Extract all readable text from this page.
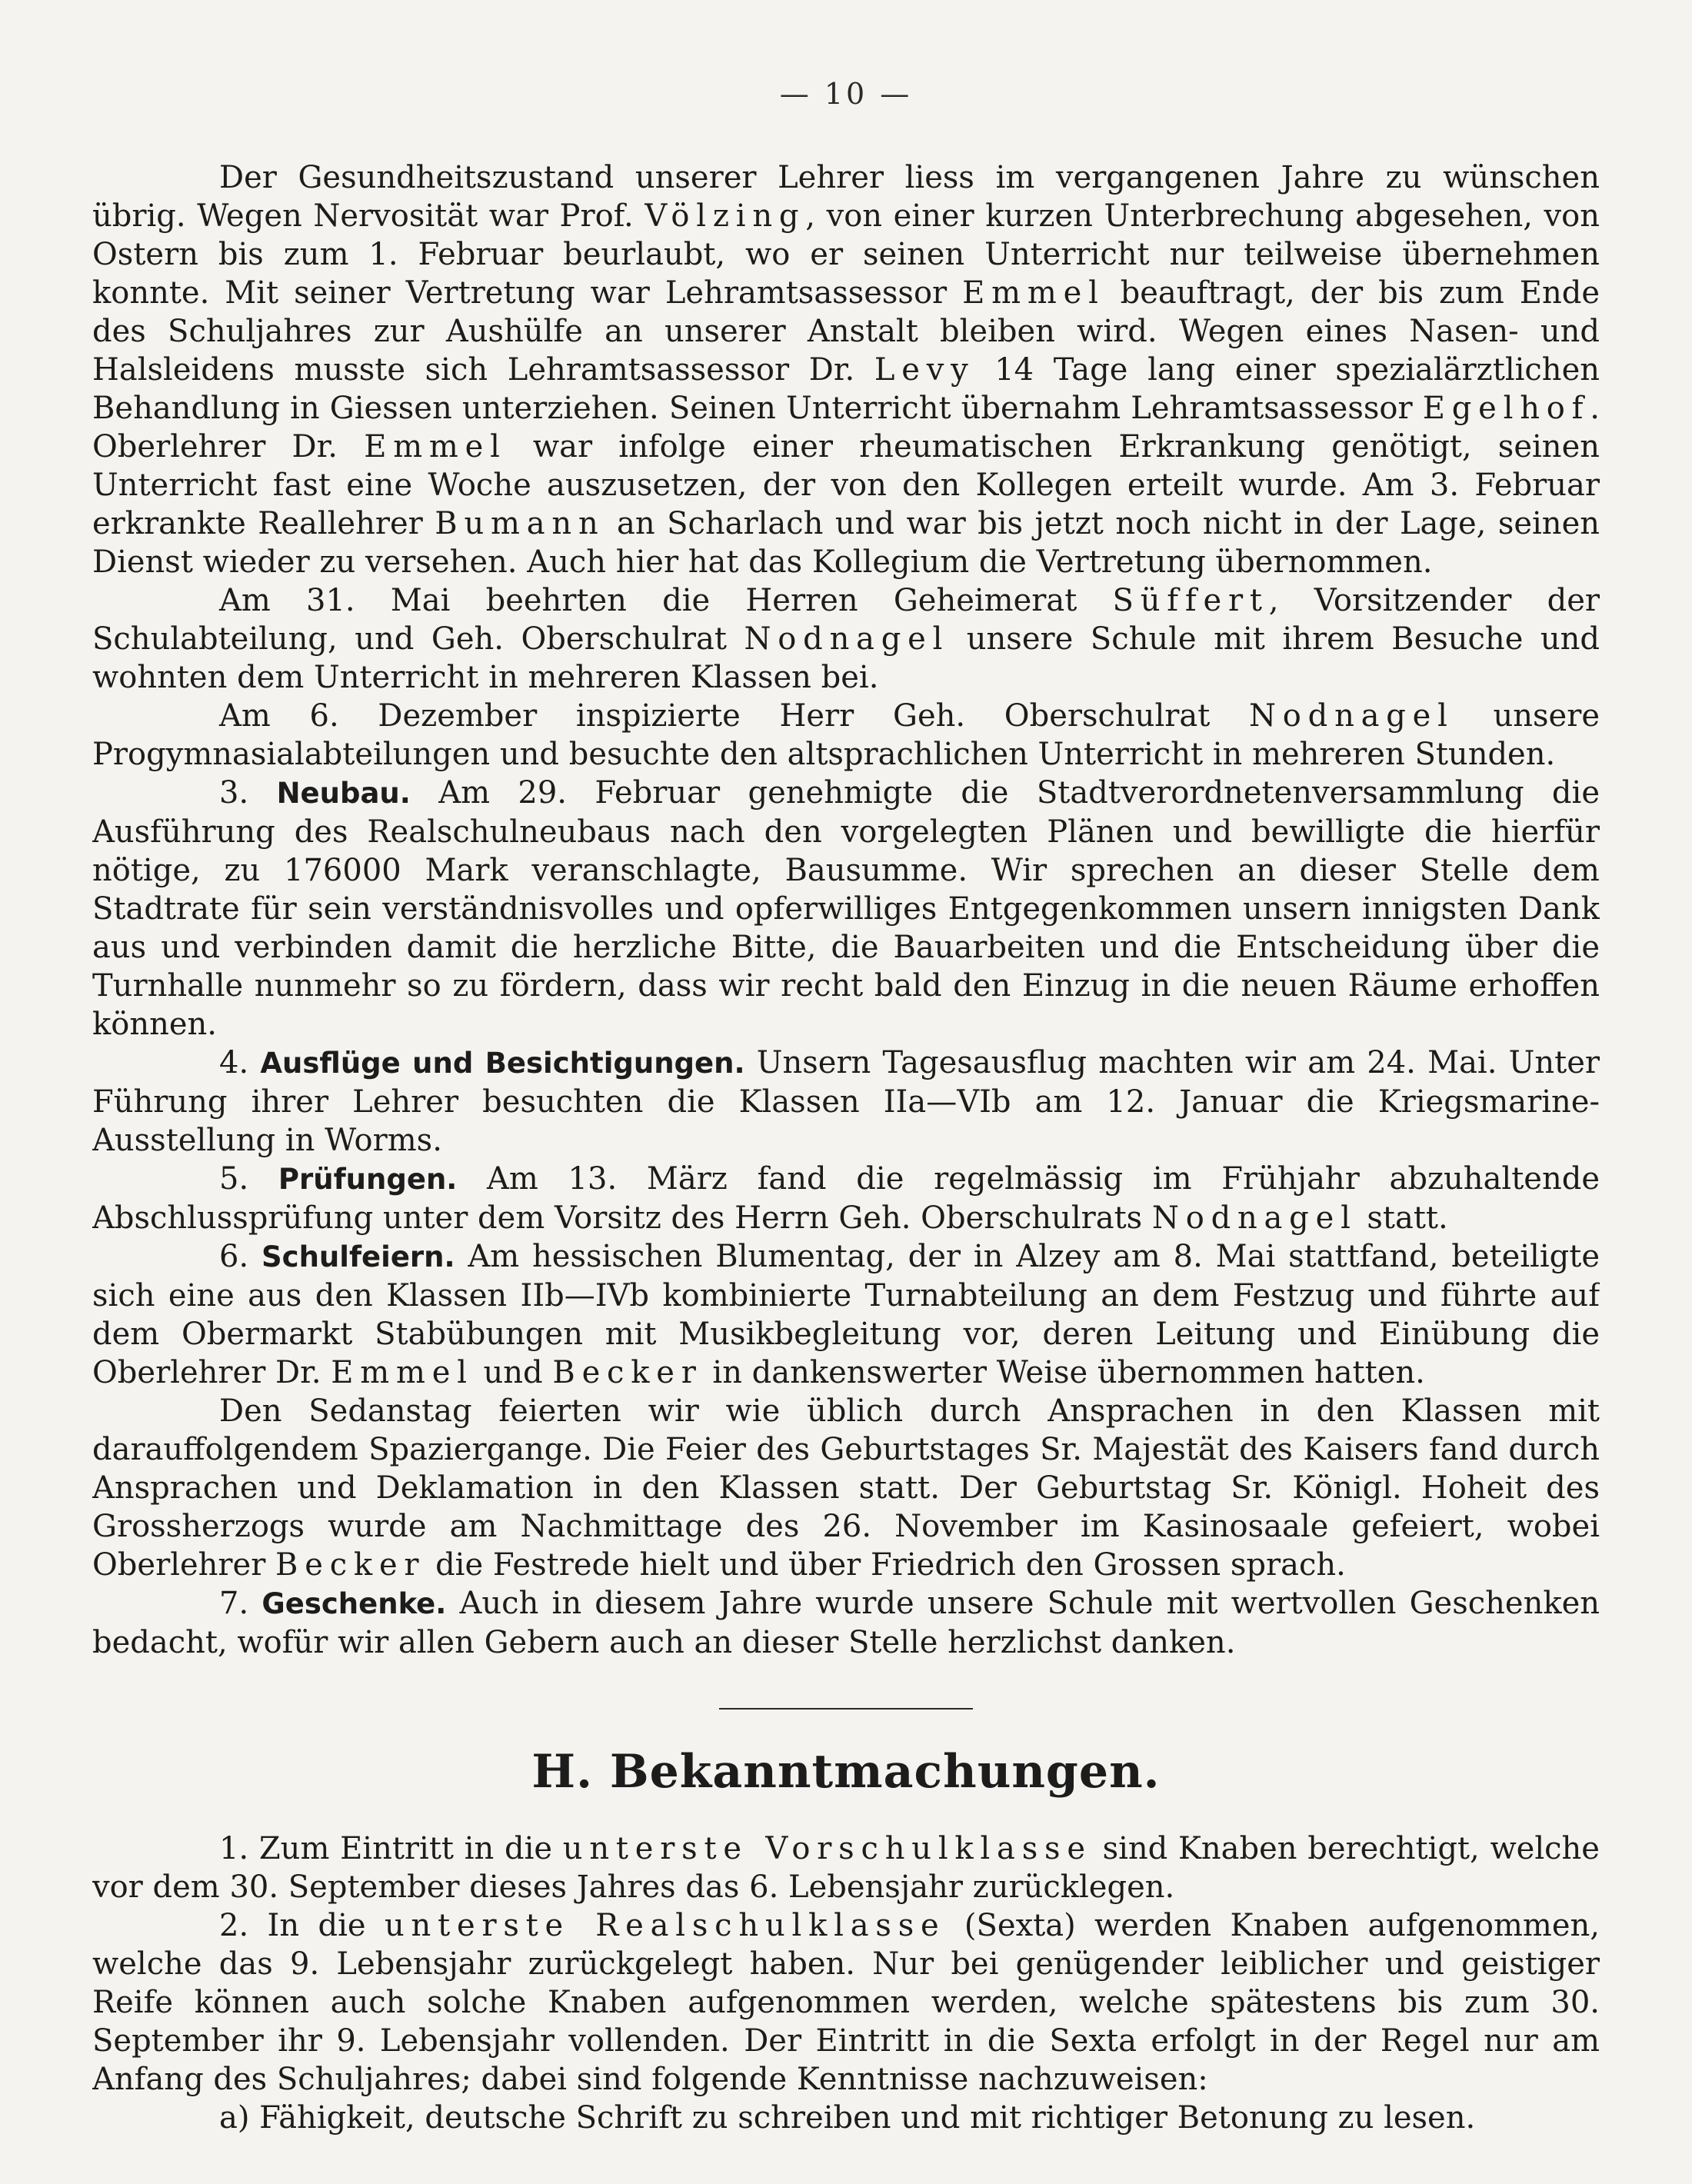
— 10 —

Der Gesundheitszustand unserer Lehrer liess im vergangenen Jahre zu wünschen übrig. Wegen Nervosität war Prof. Völzing, von einer kurzen Unterbrechung abgesehen, von Ostern bis zum 1. Februar beurlaubt, wo er seinen Unterricht nur teilweise übernehmen konnte. Mit seiner Vertretung war Lehramtsassessor Emmel beauftragt, der bis zum Ende des Schuljahres zur Aushülfe an unserer Anstalt bleiben wird. Wegen eines Nasen- und Halsleidens musste sich Lehramtsassessor Dr. Levy 14 Tage lang einer spezialärztlichen Behandlung in Giessen unterziehen. Seinen Unterricht übernahm Lehramtsassessor Egelhof. Oberlehrer Dr. Emmel war infolge einer rheumatischen Erkrankung genötigt, seinen Unterricht fast eine Woche auszusetzen, der von den Kollegen erteilt wurde. Am 3. Februar erkrankte Reallehrer Bumann an Scharlach und war bis jetzt noch nicht in der Lage, seinen Dienst wieder zu versehen. Auch hier hat das Kollegium die Vertretung übernommen.

Am 31. Mai beehrten die Herren Geheimerat Süffert, Vorsitzender der Schulabteilung, und Geh. Oberschulrat Nodnagel unsere Schule mit ihrem Besuche und wohnten dem Unterricht in mehreren Klassen bei.

Am 6. Dezember inspizierte Herr Geh. Oberschulrat Nodnagel unsere Progymnasialabteilungen und besuchte den altsprachlichen Unterricht in mehreren Stunden.

3. Neubau. Am 29. Februar genehmigte die Stadtverordnetenversammlung die Ausführung des Realschulneubaus nach den vorgelegten Plänen und bewilligte die hierfür nötige, zu 176000 Mark veranschlagte, Bausumme. Wir sprechen an dieser Stelle dem Stadtrate für sein verständnisvolles und opferwilliges Entgegenkommen unsern innigsten Dank aus und verbinden damit die herzliche Bitte, die Bauarbeiten und die Entscheidung über die Turnhalle nunmehr so zu fördern, dass wir recht bald den Einzug in die neuen Räume erhoffen können.

4. Ausflüge und Besichtigungen. Unsern Tagesausflug machten wir am 24. Mai. Unter Führung ihrer Lehrer besuchten die Klassen IIa—VIb am 12. Januar die Kriegsmarine-Ausstellung in Worms.

5. Prüfungen. Am 13. März fand die regelmässig im Frühjahr abzuhaltende Abschlussprüfung unter dem Vorsitz des Herrn Geh. Oberschulrats Nodnagel statt.

6. Schulfeiern. Am hessischen Blumentag, der in Alzey am 8. Mai stattfand, beteiligte sich eine aus den Klassen IIb—IVb kombinierte Turnabteilung an dem Festzug und führte auf dem Obermarkt Stabübungen mit Musikbegleitung vor, deren Leitung und Einübung die Oberlehrer Dr. Emmel und Becker in dankenswerter Weise übernommen hatten.

Den Sedanstag feierten wir wie üblich durch Ansprachen in den Klassen mit darauffolgendem Spaziergange. Die Feier des Geburtstages Sr. Majestät des Kaisers fand durch Ansprachen und Deklamation in den Klassen statt. Der Geburtstag Sr. Königl. Hoheit des Grossherzogs wurde am Nachmittage des 26. November im Kasinosaale gefeiert, wobei Oberlehrer Becker die Festrede hielt und über Friedrich den Grossen sprach.

7. Geschenke. Auch in diesem Jahre wurde unsere Schule mit wertvollen Geschenken bedacht, wofür wir allen Gebern auch an dieser Stelle herzlichst danken.

H. Bekanntmachungen.

1. Zum Eintritt in die unterste Vorschulklasse sind Knaben berechtigt, welche vor dem 30. September dieses Jahres das 6. Lebensjahr zurücklegen.

2. In die unterste Realschulklasse (Sexta) werden Knaben aufgenommen, welche das 9. Lebensjahr zurückgelegt haben. Nur bei genügender leiblicher und geistiger Reife können auch solche Knaben aufgenommen werden, welche spätestens bis zum 30. September ihr 9. Lebensjahr vollenden. Der Eintritt in die Sexta erfolgt in der Regel nur am Anfang des Schuljahres; dabei sind folgende Kenntnisse nachzuweisen:

a) Fähigkeit, deutsche Schrift zu schreiben und mit richtiger Betonung zu lesen.
